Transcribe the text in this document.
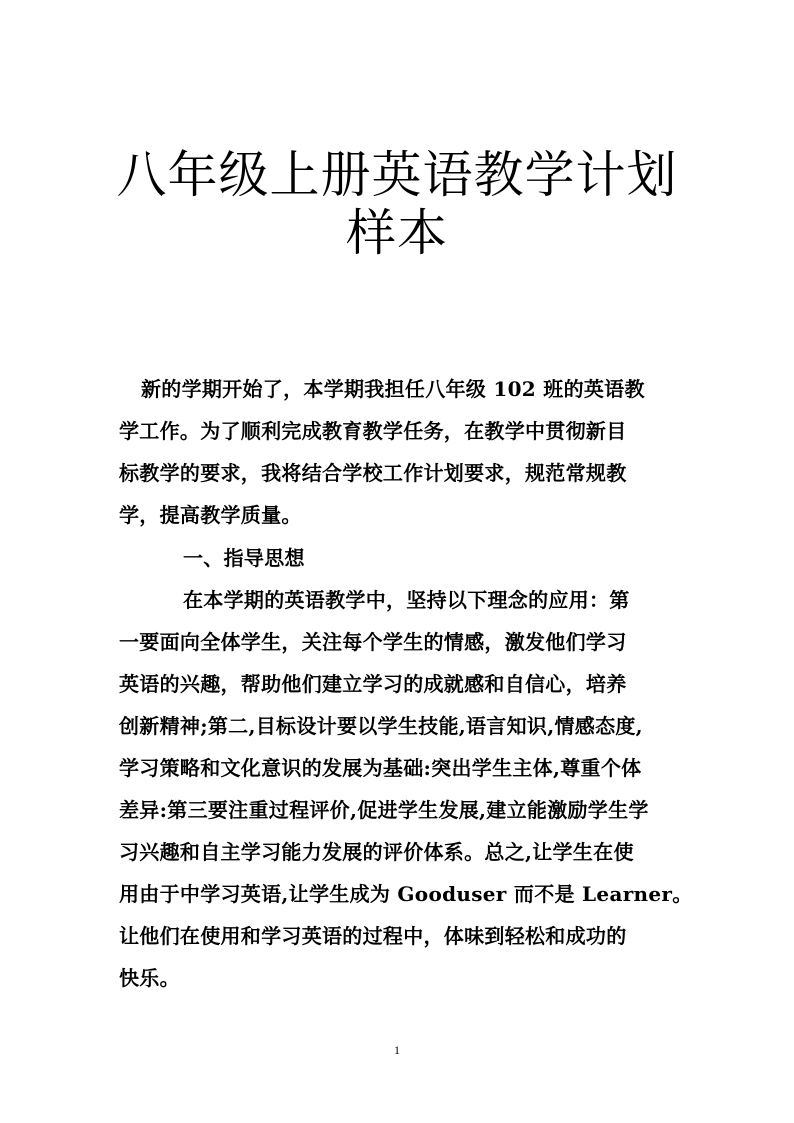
八年级上册英语教学计划
样本

新的学期开始了，本学期我担任八年级 102 班的英语教

学工作。为了顺利完成教育教学任务，在教学中贯彻新目

标教学的要求，我将结合学校工作计划要求，规范常规教

学，提高教学质量。

一、指导思想

在本学期的英语教学中，坚持以下理念的应用：第

一要面向全体学生，关注每个学生的情感，激发他们学习

英语的兴趣，帮助他们建立学习的成就感和自信心，培养

创新精神;第二,目标设计要以学生技能,语言知识,情感态度,

学习策略和文化意识的发展为基础:突出学生主体,尊重个体

差异:第三要注重过程评价,促进学生发展,建立能激励学生学

习兴趣和自主学习能力发展的评价体系。总之,让学生在使

用由于中学习英语,让学生成为 Gooduser 而不是 Learner。

让他们在使用和学习英语的过程中，体味到轻松和成功的

快乐。

1
